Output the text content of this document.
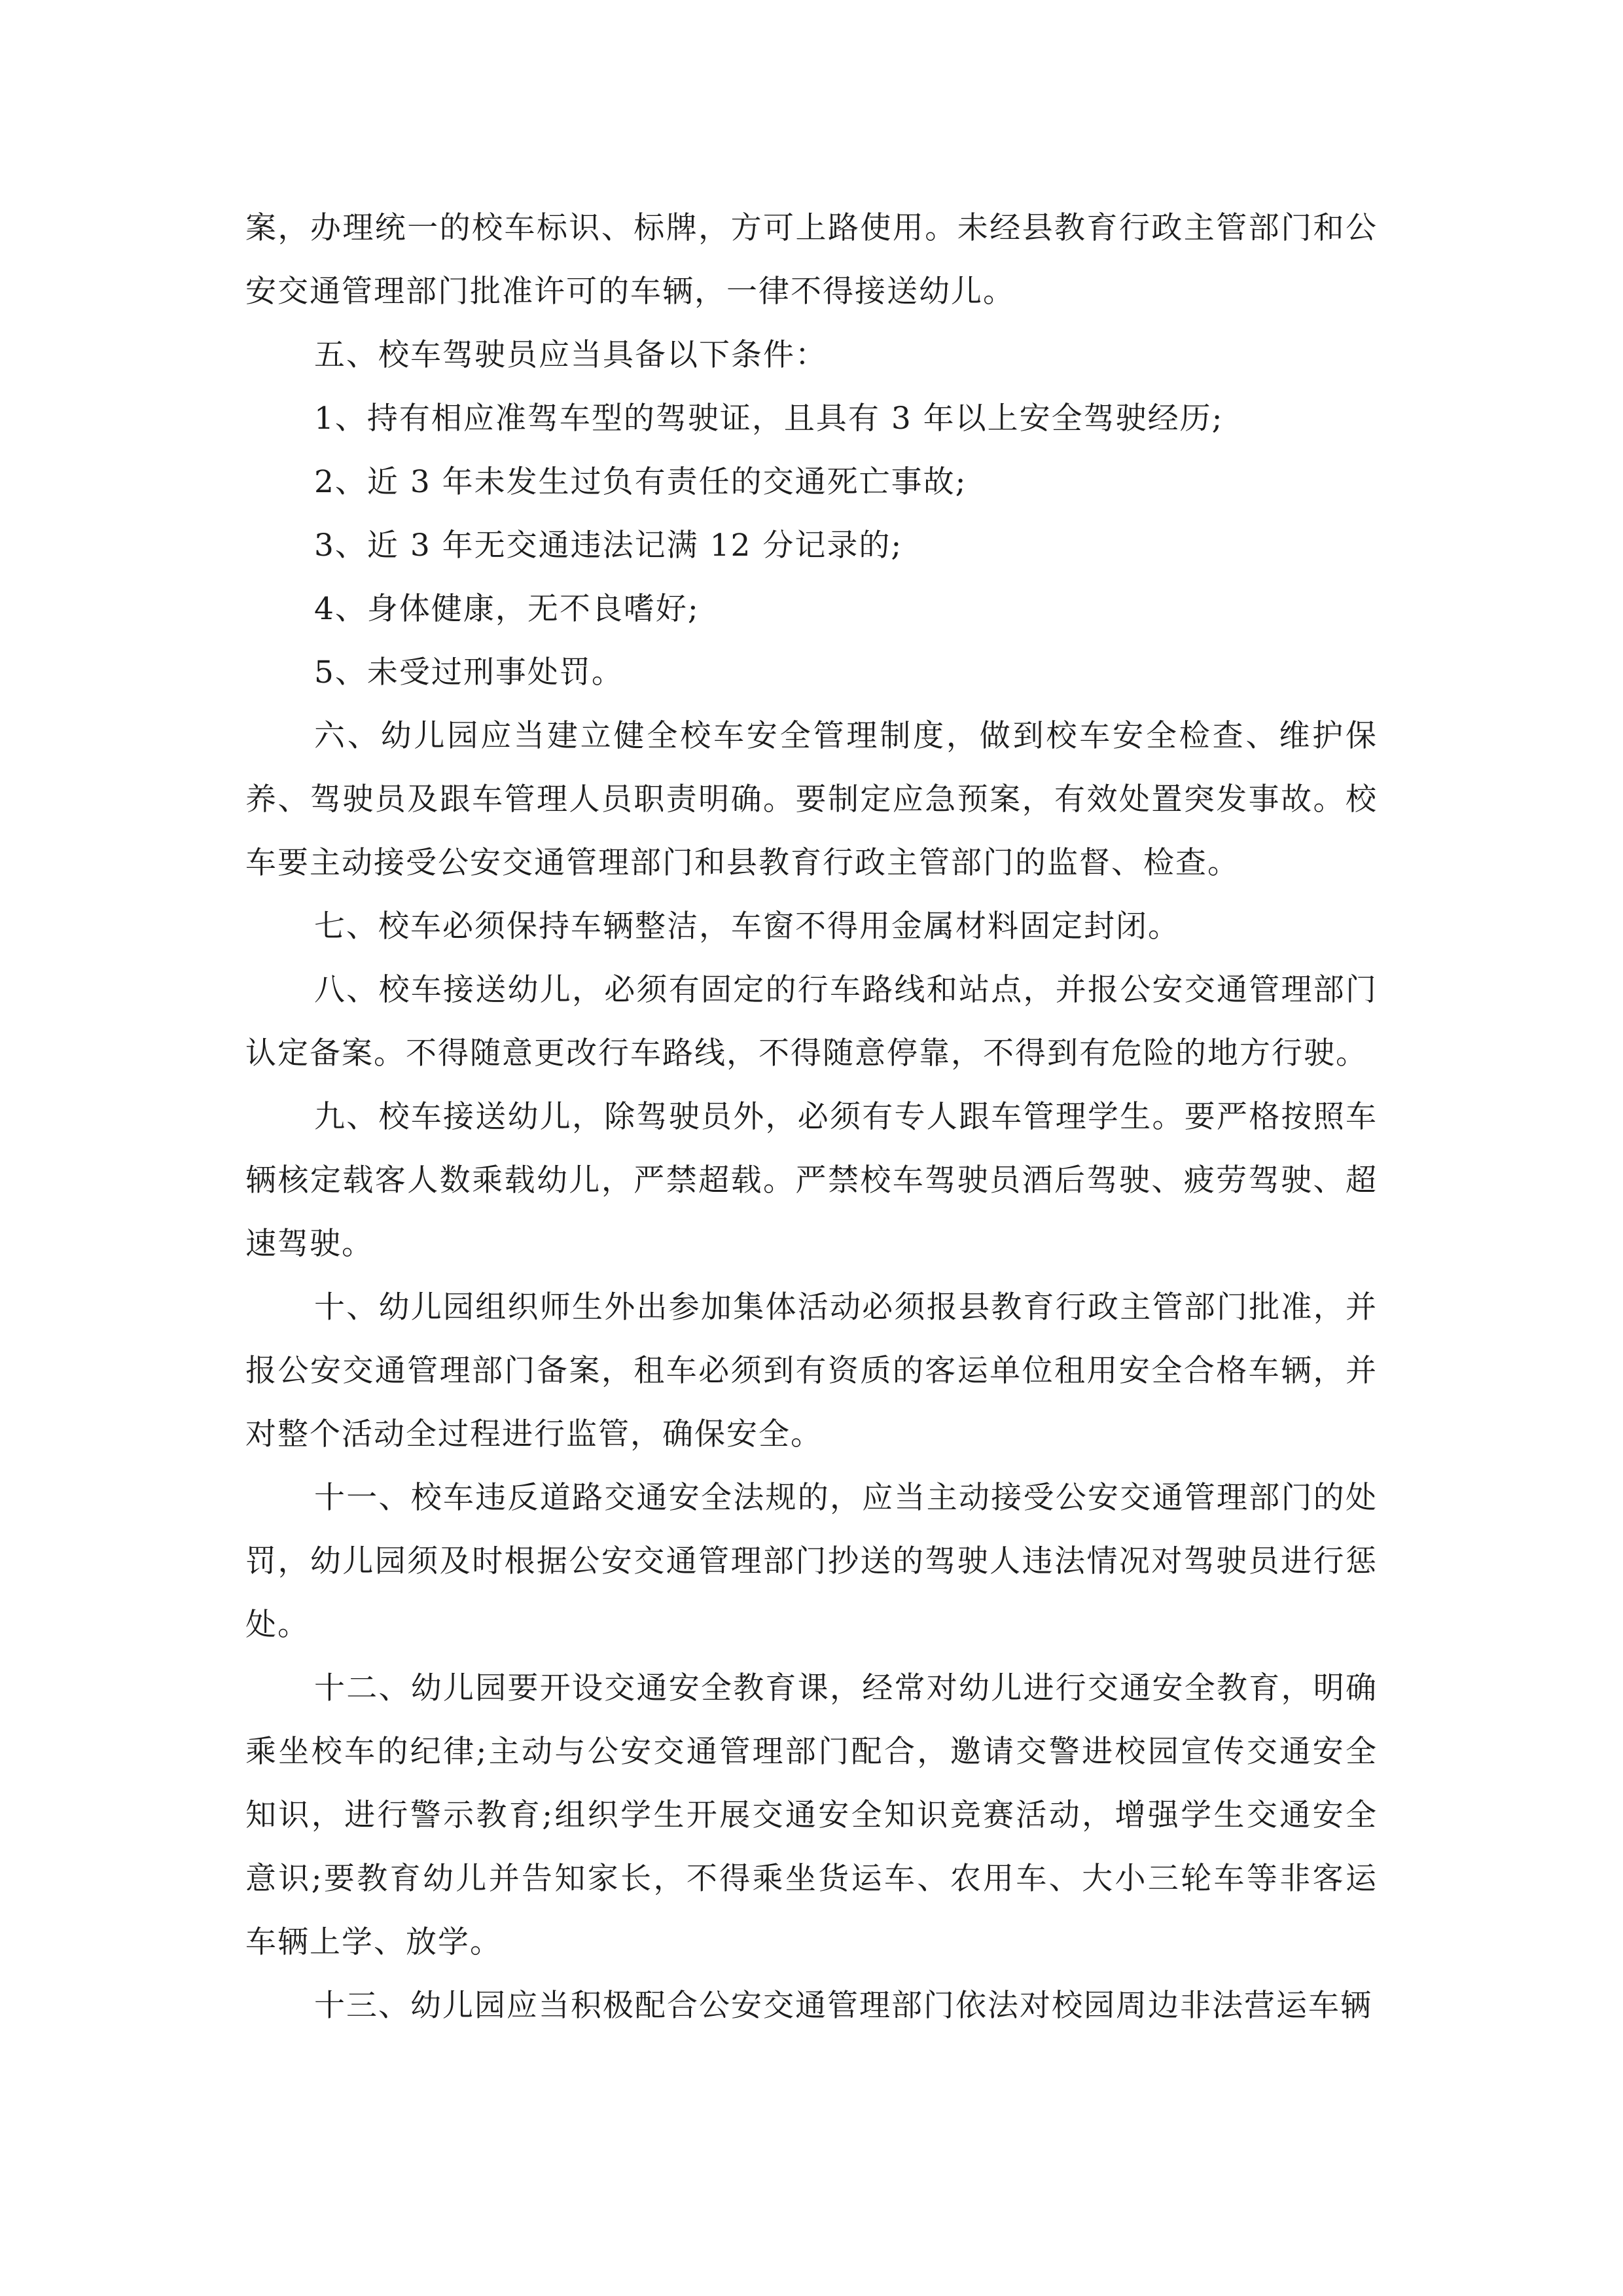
案，办理统一的校车标识、标牌，方可上路使用。未经县教育行政主管部门和公安交通管理部门批准许可的车辆，一律不得接送幼儿。

五、校车驾驶员应当具备以下条件：

1、持有相应准驾车型的驾驶证，且具有 3 年以上安全驾驶经历;

2、近 3 年未发生过负有责任的交通死亡事故;

3、近 3 年无交通违法记满 12 分记录的;

4、身体健康，无不良嗜好;

5、未受过刑事处罚。

六、幼儿园应当建立健全校车安全管理制度，做到校车安全检查、维护保养、驾驶员及跟车管理人员职责明确。要制定应急预案，有效处置突发事故。校车要主动接受公安交通管理部门和县教育行政主管部门的监督、检查。

七、校车必须保持车辆整洁，车窗不得用金属材料固定封闭。

八、校车接送幼儿，必须有固定的行车路线和站点，并报公安交通管理部门认定备案。不得随意更改行车路线，不得随意停靠，不得到有危险的地方行驶。

九、校车接送幼儿，除驾驶员外，必须有专人跟车管理学生。要严格按照车辆核定载客人数乘载幼儿，严禁超载。严禁校车驾驶员酒后驾驶、疲劳驾驶、超速驾驶。

十、幼儿园组织师生外出参加集体活动必须报县教育行政主管部门批准，并报公安交通管理部门备案，租车必须到有资质的客运单位租用安全合格车辆，并对整个活动全过程进行监管，确保安全。

十一、校车违反道路交通安全法规的，应当主动接受公安交通管理部门的处罚，幼儿园须及时根据公安交通管理部门抄送的驾驶人违法情况对驾驶员进行惩处。

十二、幼儿园要开设交通安全教育课，经常对幼儿进行交通安全教育，明确乘坐校车的纪律;主动与公安交通管理部门配合，邀请交警进校园宣传交通安全知识，进行警示教育;组织学生开展交通安全知识竞赛活动，增强学生交通安全意识;要教育幼儿并告知家长，不得乘坐货运车、农用车、大小三轮车等非客运车辆上学、放学。

十三、幼儿园应当积极配合公安交通管理部门依法对校园周边非法营运车辆
